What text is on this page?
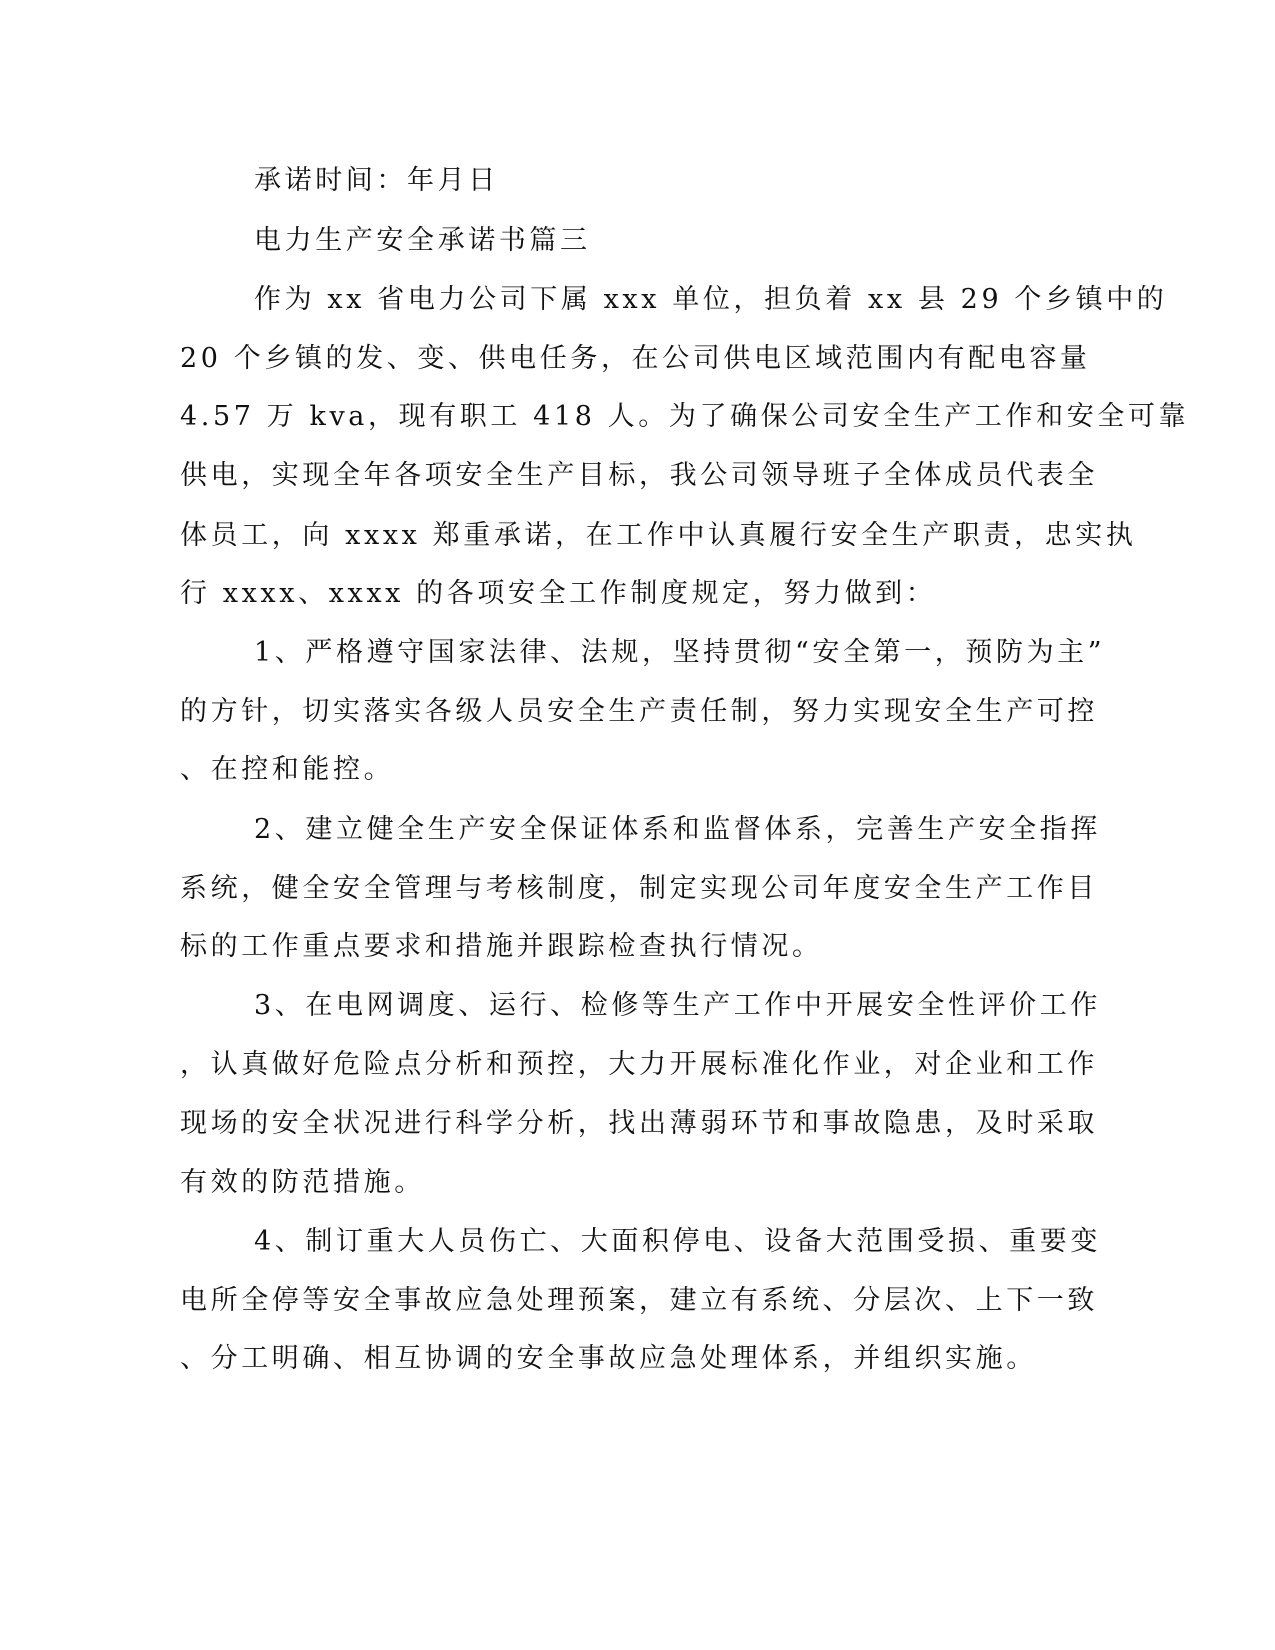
承诺时间：年月日
电力生产安全承诺书篇三
作为 xx 省电力公司下属 xxx 单位，担负着 xx 县 29 个乡镇中的
20 个乡镇的发、变、供电任务，在公司供电区域范围内有配电容量
4.57 万 kva，现有职工 418 人。为了确保公司安全生产工作和安全可靠
供电，实现全年各项安全生产目标，我公司领导班子全体成员代表全
体员工，向 xxxx 郑重承诺，在工作中认真履行安全生产职责，忠实执
行 xxxx、xxxx 的各项安全工作制度规定，努力做到：
1、严格遵守国家法律、法规，坚持贯彻“安全第一，预防为主”
的方针，切实落实各级人员安全生产责任制，努力实现安全生产可控
、在控和能控。
2、建立健全生产安全保证体系和监督体系，完善生产安全指挥
系统，健全安全管理与考核制度，制定实现公司年度安全生产工作目
标的工作重点要求和措施并跟踪检查执行情况。
3、在电网调度、运行、检修等生产工作中开展安全性评价工作
，认真做好危险点分析和预控，大力开展标准化作业，对企业和工作
现场的安全状况进行科学分析，找出薄弱环节和事故隐患，及时采取
有效的防范措施。
4、制订重大人员伤亡、大面积停电、设备大范围受损、重要变
电所全停等安全事故应急处理预案，建立有系统、分层次、上下一致
、分工明确、相互协调的安全事故应急处理体系，并组织实施。
